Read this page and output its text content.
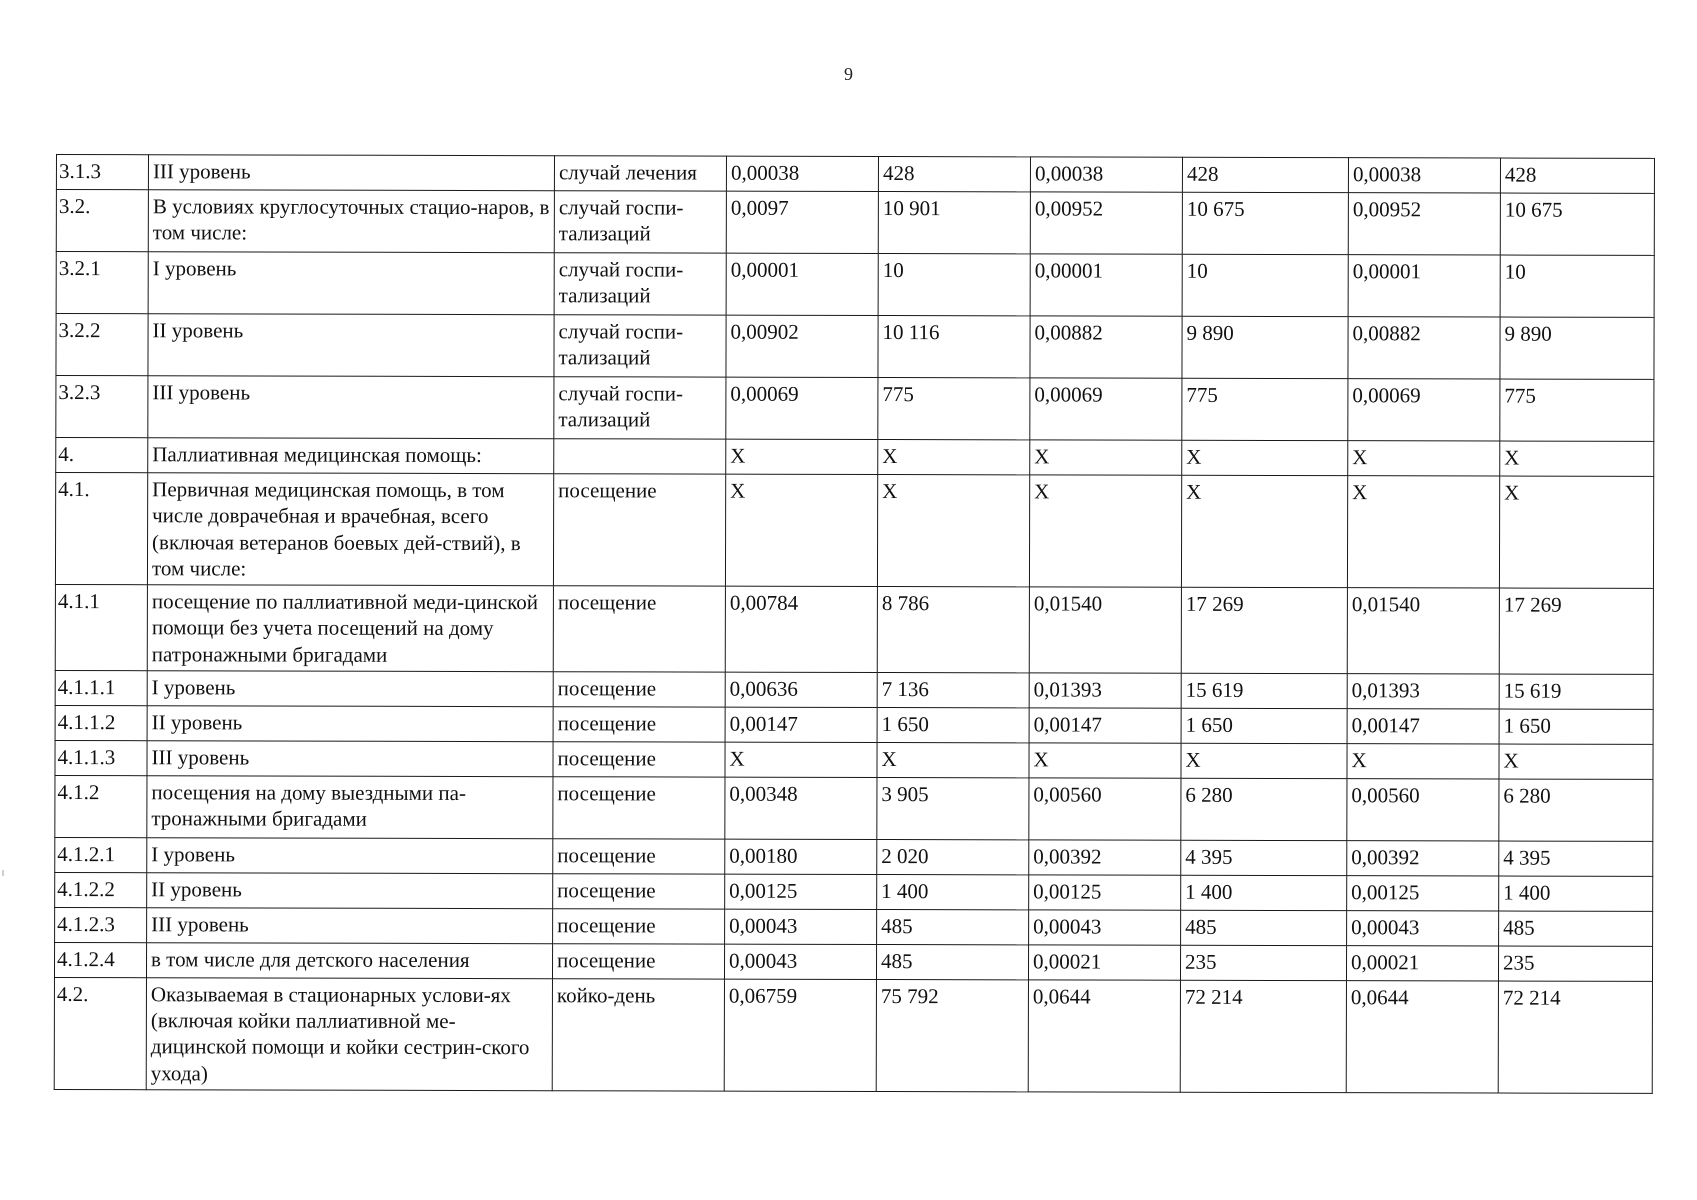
9
3.1.3	III уровень	случай лечения	0,00038	428	0,00038	428	0,00038	428
3.2.	В условиях круглосуточных стацио-наров, в том числе:	случай госпи-тализаций	0,0097	10 901	0,00952	10 675	0,00952	10 675
3.2.1	I уровень	случай госпи-тализаций	0,00001	10	0,00001	10	0,00001	10
3.2.2	II уровень	случай госпи-тализаций	0,00902	10 116	0,00882	9 890	0,00882	9 890
3.2.3	III уровень	случай госпи-тализаций	0,00069	775	0,00069	775	0,00069	775
4.	Паллиативная медицинская помощь:		X	X	X	X	X	X
4.1.	Первичная медицинская помощь, в том числе доврачебная и врачебная, всего (включая ветеранов боевых дей-ствий), в том числе:	посещение	X	X	X	X	X	X
4.1.1	посещение по паллиативной меди-цинской помощи без учета посещений на дому патронажными бригадами	посещение	0,00784	8 786	0,01540	17 269	0,01540	17 269
4.1.1.1	I уровень	посещение	0,00636	7 136	0,01393	15 619	0,01393	15 619
4.1.1.2	II уровень	посещение	0,00147	1 650	0,00147	1 650	0,00147	1 650
4.1.1.3	III уровень	посещение	X	X	X	X	X	X
4.1.2	посещения на дому выездными па-тронажными бригадами	посещение	0,00348	3 905	0,00560	6 280	0,00560	6 280
4.1.2.1	I уровень	посещение	0,00180	2 020	0,00392	4 395	0,00392	4 395
4.1.2.2	II уровень	посещение	0,00125	1 400	0,00125	1 400	0,00125	1 400
4.1.2.3	III уровень	посещение	0,00043	485	0,00043	485	0,00043	485
4.1.2.4	в том числе для детского населения	посещение	0,00043	485	0,00021	235	0,00021	235
4.2.	Оказываемая в стационарных услови-ях (включая койки паллиативной ме-дицинской помощи и койки сестрин-ского ухода)	койко-день	0,06759	75 792	0,0644	72 214	0,0644	72 214
